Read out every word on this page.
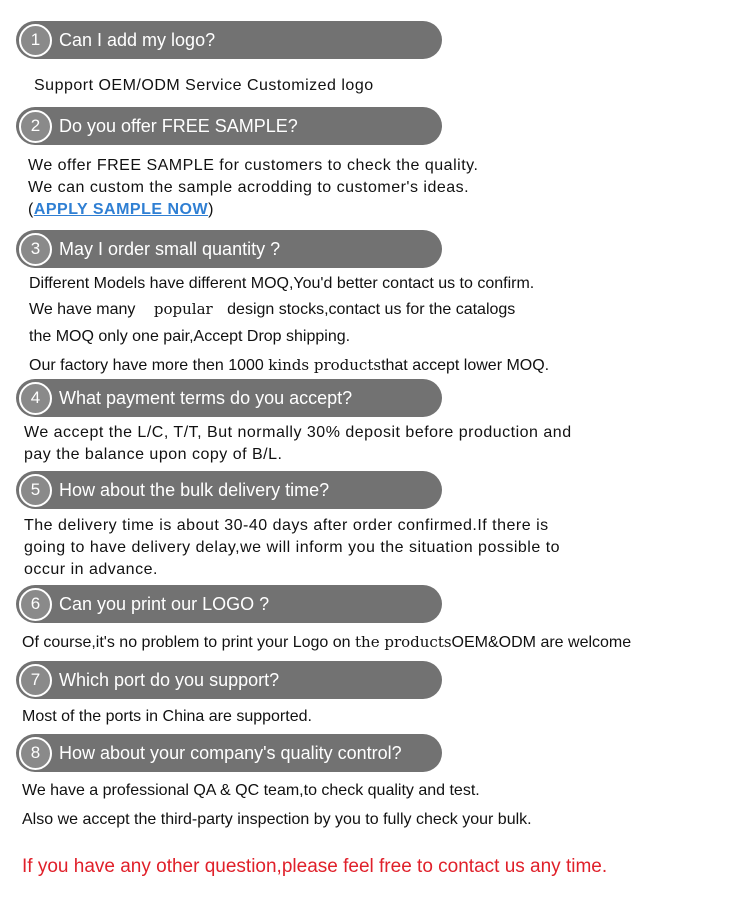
1	Can I add my logo?
Support OEM/ODM Service Customized logo
2	Do you offer FREE SAMPLE?
We offer FREE SAMPLE for customers to check the quality.
We can custom the sample acrodding to customer's ideas.
(APPLY SAMPLE NOW)
3	May I order small quantity ?
Different Models have different MOQ,You'd better contact us to confirm.
We have many popular design stocks,contact us for the catalogs
the MOQ only one pair,Accept Drop shipping.
Our factory have more then 1000 kinds productsthat accept lower MOQ.
4	What payment terms do you accept?
We accept the L/C, T/T, But normally 30% deposit before production and
pay the balance upon copy of B/L.
5	How about the bulk delivery time?
The delivery time is about 30-40 days after order confirmed.If there is
going to have delivery delay,we will inform you the situation possible to
occur in advance.
6	Can you print our LOGO ?
Of course,it's no problem to print your Logo on the productsOEM&ODM are welcome
7	Which port do you support?
Most of the ports in China are supported.
8	How about your company's quality control?
We have a professional QA & QC team,to check quality and test.
Also we accept the third-party inspection by you to fully check your bulk.
If you have any other question,please feel free to contact us any time.
